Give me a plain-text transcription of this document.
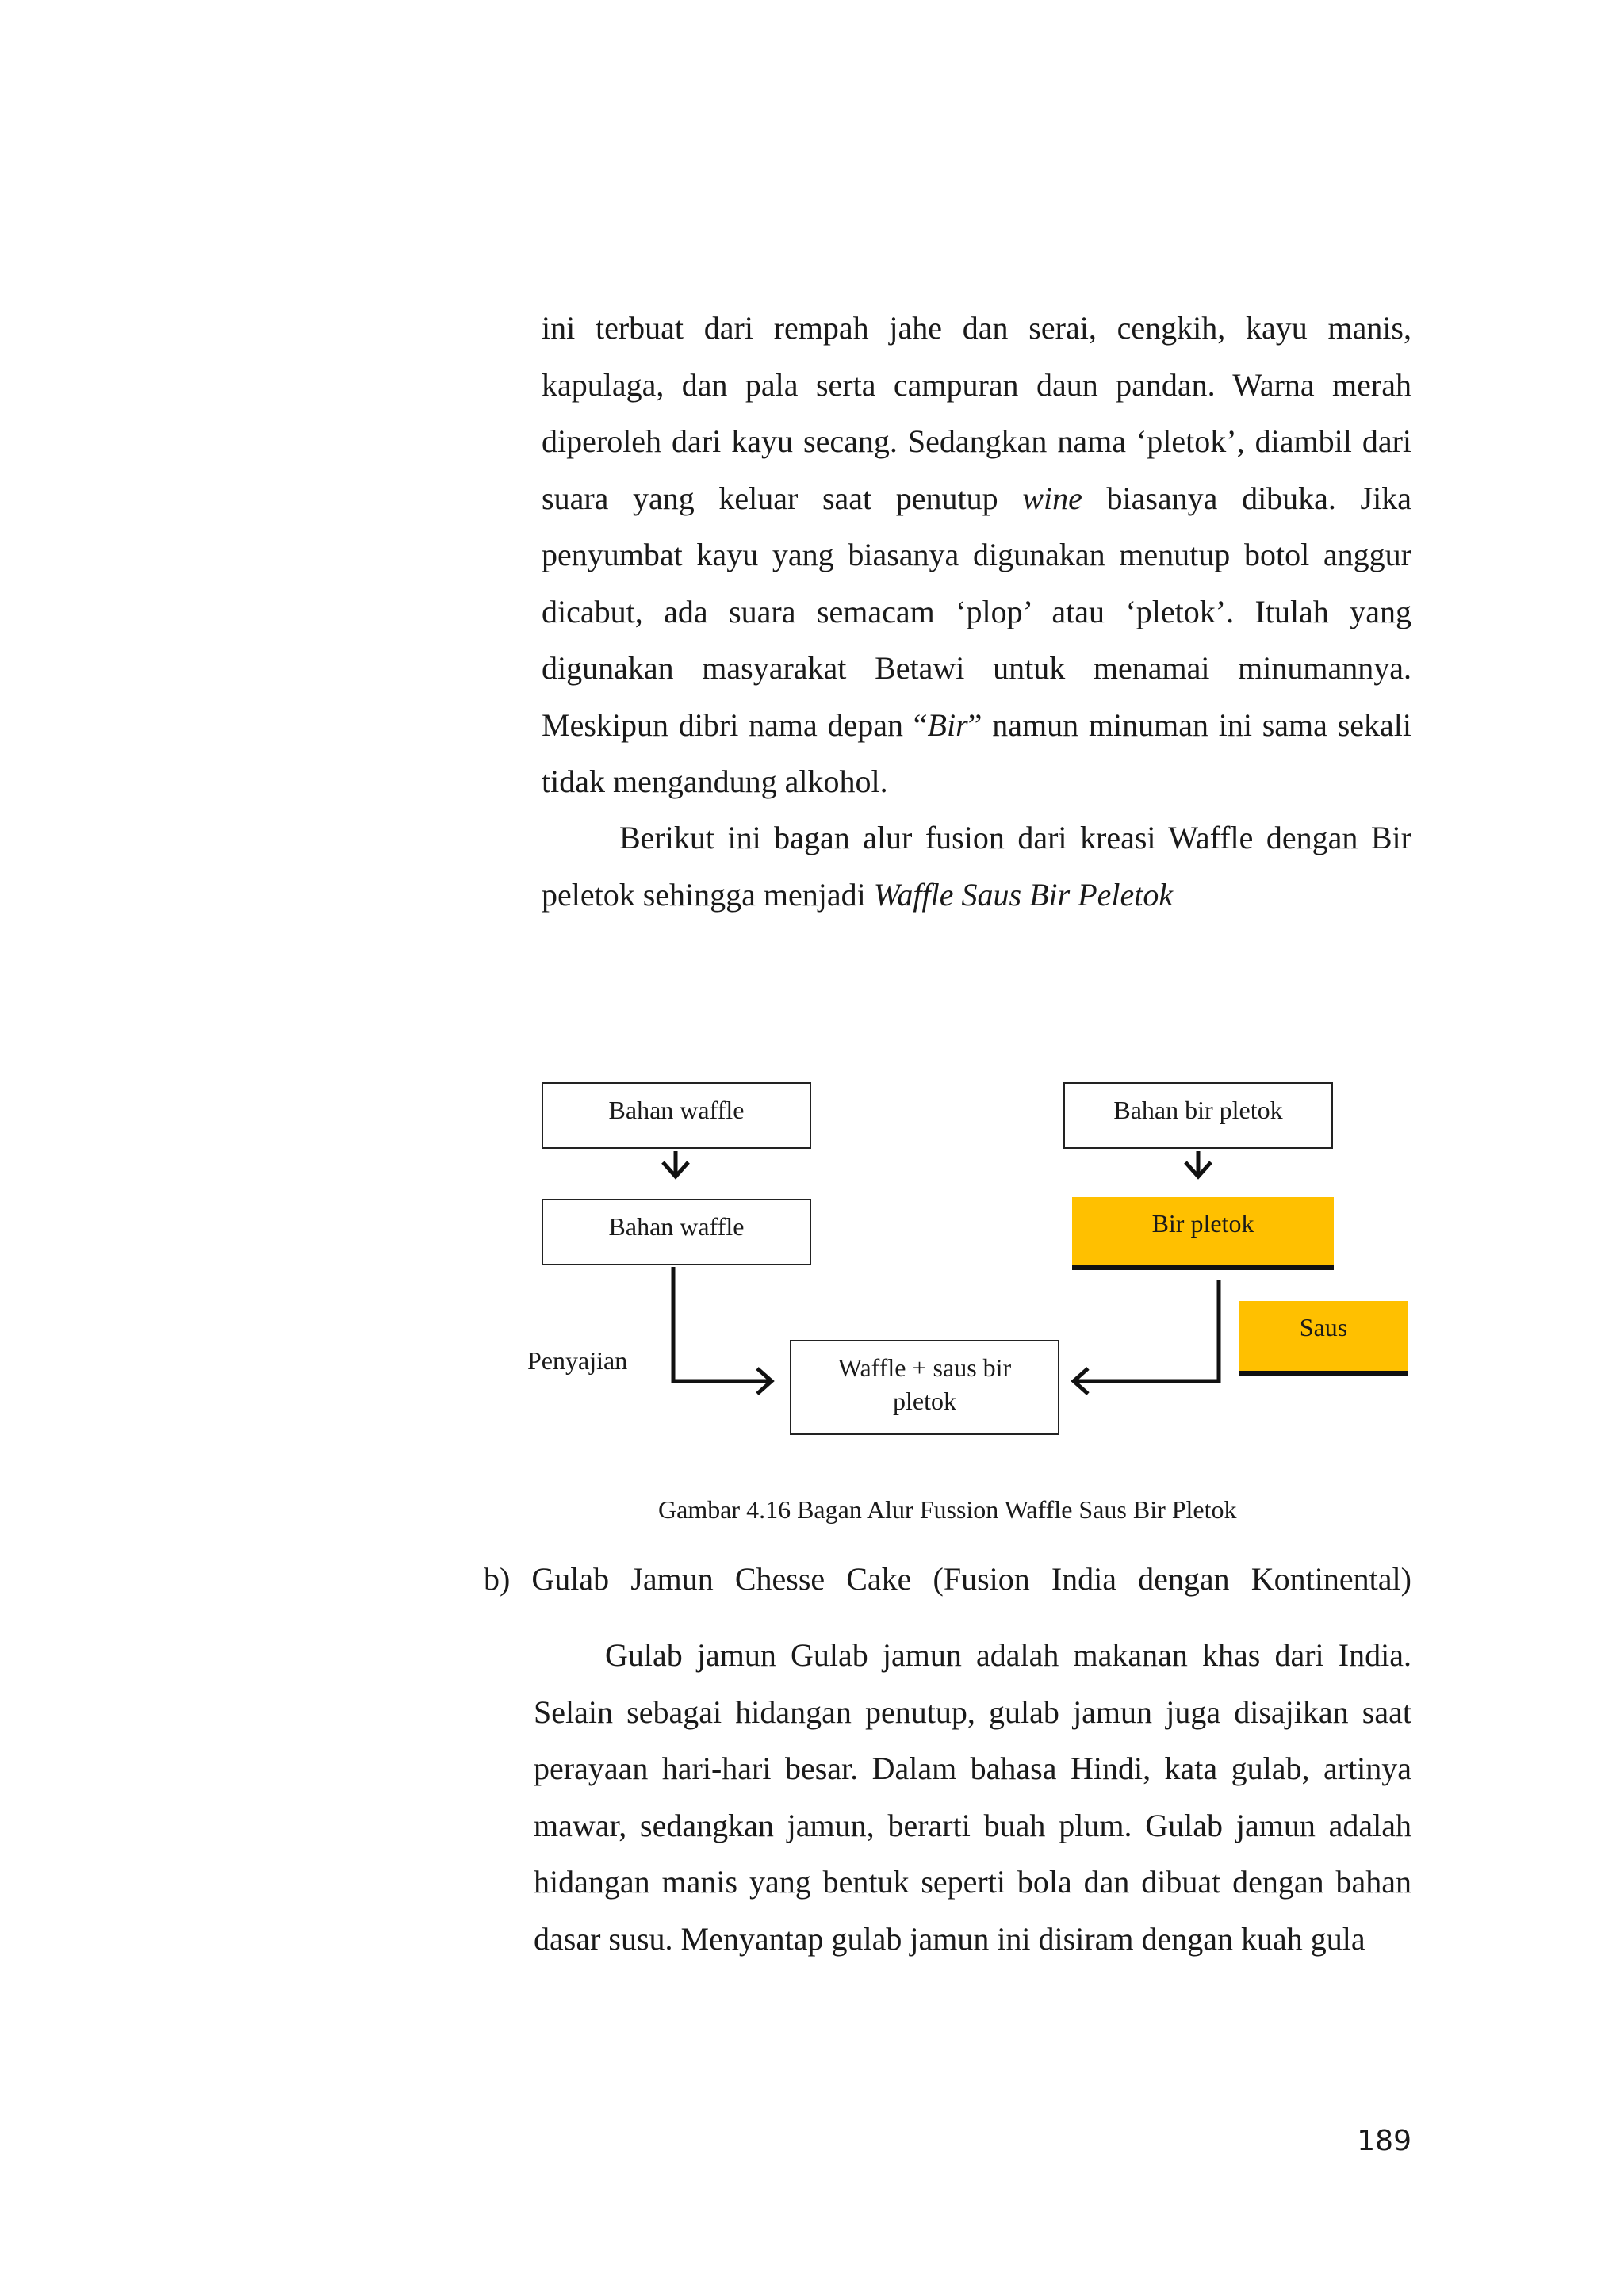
ini terbuat dari rempah jahe dan serai, cengkih, kayu manis, kapulaga, dan pala serta campuran daun pandan. Warna merah diperoleh dari kayu secang. Sedangkan nama ‘pletok’, diambil dari suara yang keluar saat penutup wine biasanya dibuka. Jika penyumbat kayu yang biasanya digunakan menutup botol anggur dicabut, ada suara semacam ‘plop’ atau ‘pletok’. Itulah yang digunakan masyarakat Betawi untuk menamai minumannya. Meskipun dibri nama depan “Bir” namun minuman ini sama sekali tidak mengandung alkohol.

Berikut ini bagan alur fusion dari kreasi Waffle dengan Bir peletok sehingga menjadi Waffle Saus Bir Peletok

Bahan waffle	Bahan bir pletok
Bahan waffle	Bir pletok
Saus
Waffle + saus bir pletok
Penyajian
Gambar 4.16 Bagan Alur Fussion Waffle Saus Bir Pletok
b) Gulab Jamun Chesse Cake (Fusion India dengan Kontinental)

Gulab jamun Gulab jamun adalah makanan khas dari India. Selain sebagai hidangan penutup, gulab jamun juga disajikan saat perayaan hari-hari besar. Dalam bahasa Hindi, kata gulab, artinya mawar, sedangkan jamun, berarti buah plum. Gulab jamun adalah hidangan manis yang bentuk seperti bola dan dibuat dengan bahan dasar susu. Menyantap gulab jamun ini disiram dengan kuah gula

189
